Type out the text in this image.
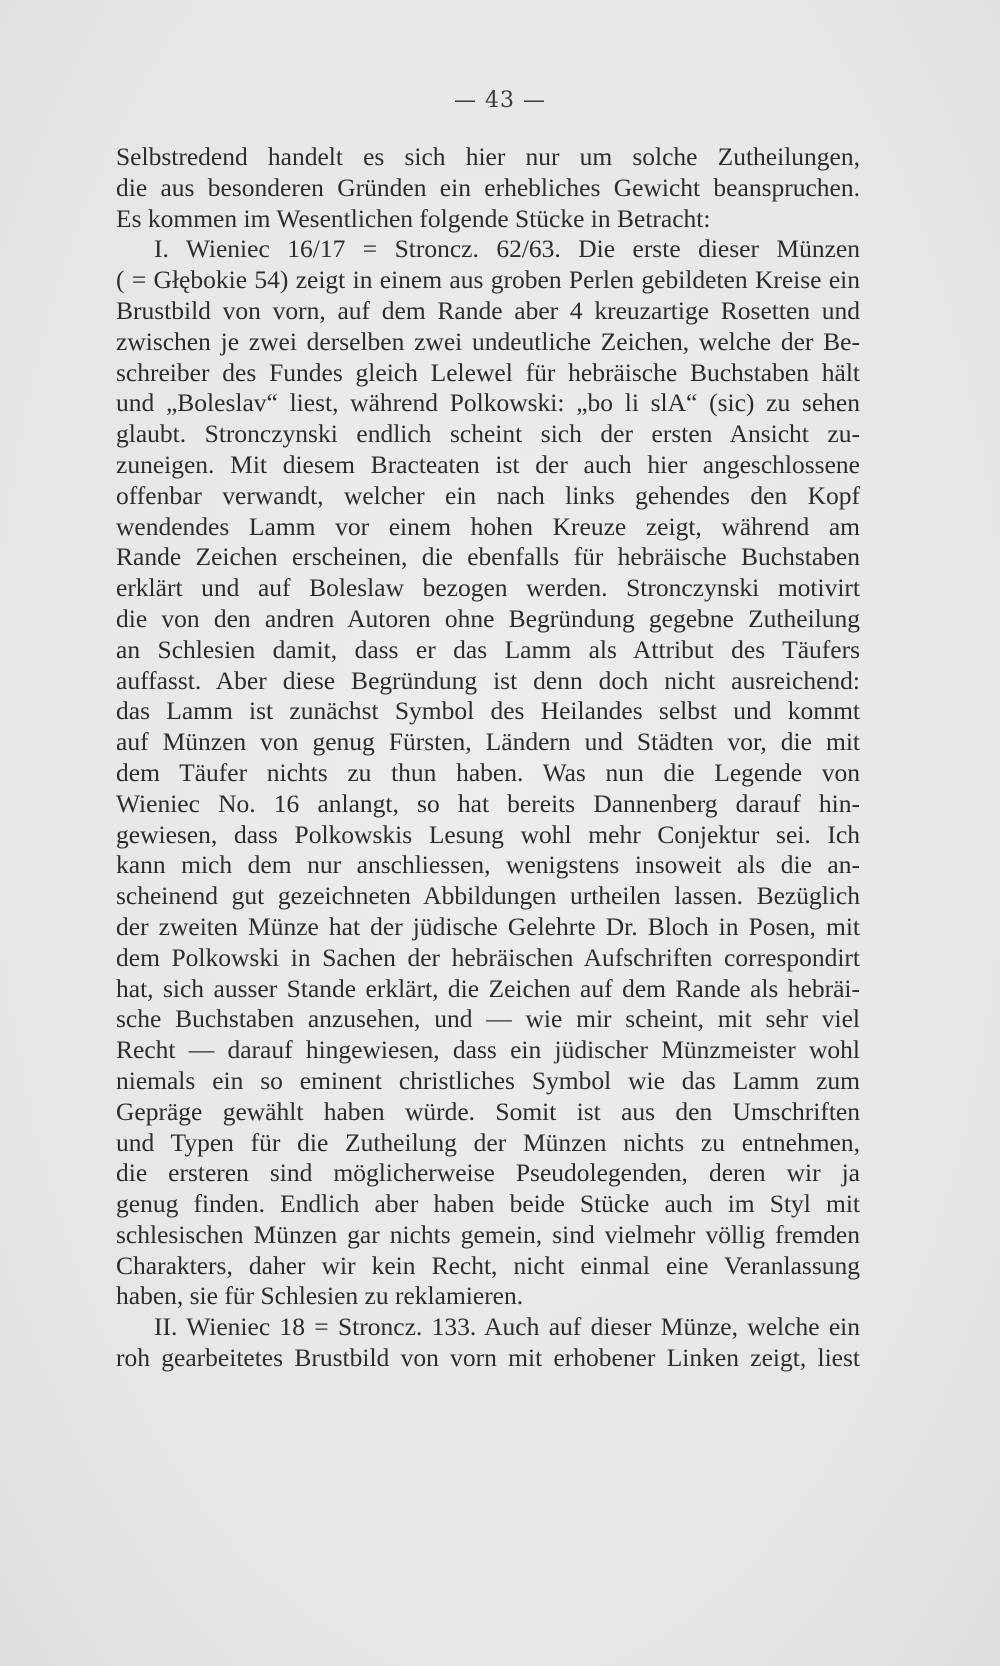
— 43 —
Selbstredend handelt es sich hier nur um solche Zutheilungen,
die aus besonderen Gründen ein erhebliches Gewicht beanspruchen.
Es kommen im Wesentlichen folgende Stücke in Betracht:
I. Wieniec 16/17 = Stroncz. 62/63. Die erste dieser Münzen
( = Głębokie 54) zeigt in einem aus groben Perlen gebildeten Kreise ein
Brustbild von vorn, auf dem Rande aber 4 kreuzartige Rosetten und
zwischen je zwei derselben zwei undeutliche Zeichen, welche der Be-
schreiber des Fundes gleich Lelewel für hebräische Buchstaben hält
und „Boleslav“ liest, während Polkowski: „bo li slA“ (sic) zu sehen
glaubt. Stronczynski endlich scheint sich der ersten Ansicht zu-
zuneigen. Mit diesem Bracteaten ist der auch hier angeschlossene
offenbar verwandt, welcher ein nach links gehendes den Kopf
wendendes Lamm vor einem hohen Kreuze zeigt, während am
Rande Zeichen erscheinen, die ebenfalls für hebräische Buchstaben
erklärt und auf Boleslaw bezogen werden. Stronczynski motivirt
die von den andren Autoren ohne Begründung gegebne Zutheilung
an Schlesien damit, dass er das Lamm als Attribut des Täufers
auffasst. Aber diese Begründung ist denn doch nicht ausreichend:
das Lamm ist zunächst Symbol des Heilandes selbst und kommt
auf Münzen von genug Fürsten, Ländern und Städten vor, die mit
dem Täufer nichts zu thun haben. Was nun die Legende von
Wieniec No. 16 anlangt, so hat bereits Dannenberg darauf hin-
gewiesen, dass Polkowskis Lesung wohl mehr Conjektur sei. Ich
kann mich dem nur anschliessen, wenigstens insoweit als die an-
scheinend gut gezeichneten Abbildungen urtheilen lassen. Bezüglich
der zweiten Münze hat der jüdische Gelehrte Dr. Bloch in Posen, mit
dem Polkowski in Sachen der hebräischen Aufschriften correspondirt
hat, sich ausser Stande erklärt, die Zeichen auf dem Rande als hebräi-
sche Buchstaben anzusehen, und — wie mir scheint, mit sehr viel
Recht — darauf hingewiesen, dass ein jüdischer Münzmeister wohl
niemals ein so eminent christliches Symbol wie das Lamm zum
Gepräge gewählt haben würde. Somit ist aus den Umschriften
und Typen für die Zutheilung der Münzen nichts zu entnehmen,
die ersteren sind möglicherweise Pseudolegenden, deren wir ja
genug finden. Endlich aber haben beide Stücke auch im Styl mit
schlesischen Münzen gar nichts gemein, sind vielmehr völlig fremden
Charakters, daher wir kein Recht, nicht einmal eine Veranlassung
haben, sie für Schlesien zu reklamieren.
II. Wieniec 18 = Stroncz. 133. Auch auf dieser Münze, welche ein
roh gearbeitetes Brustbild von vorn mit erhobener Linken zeigt, liest
